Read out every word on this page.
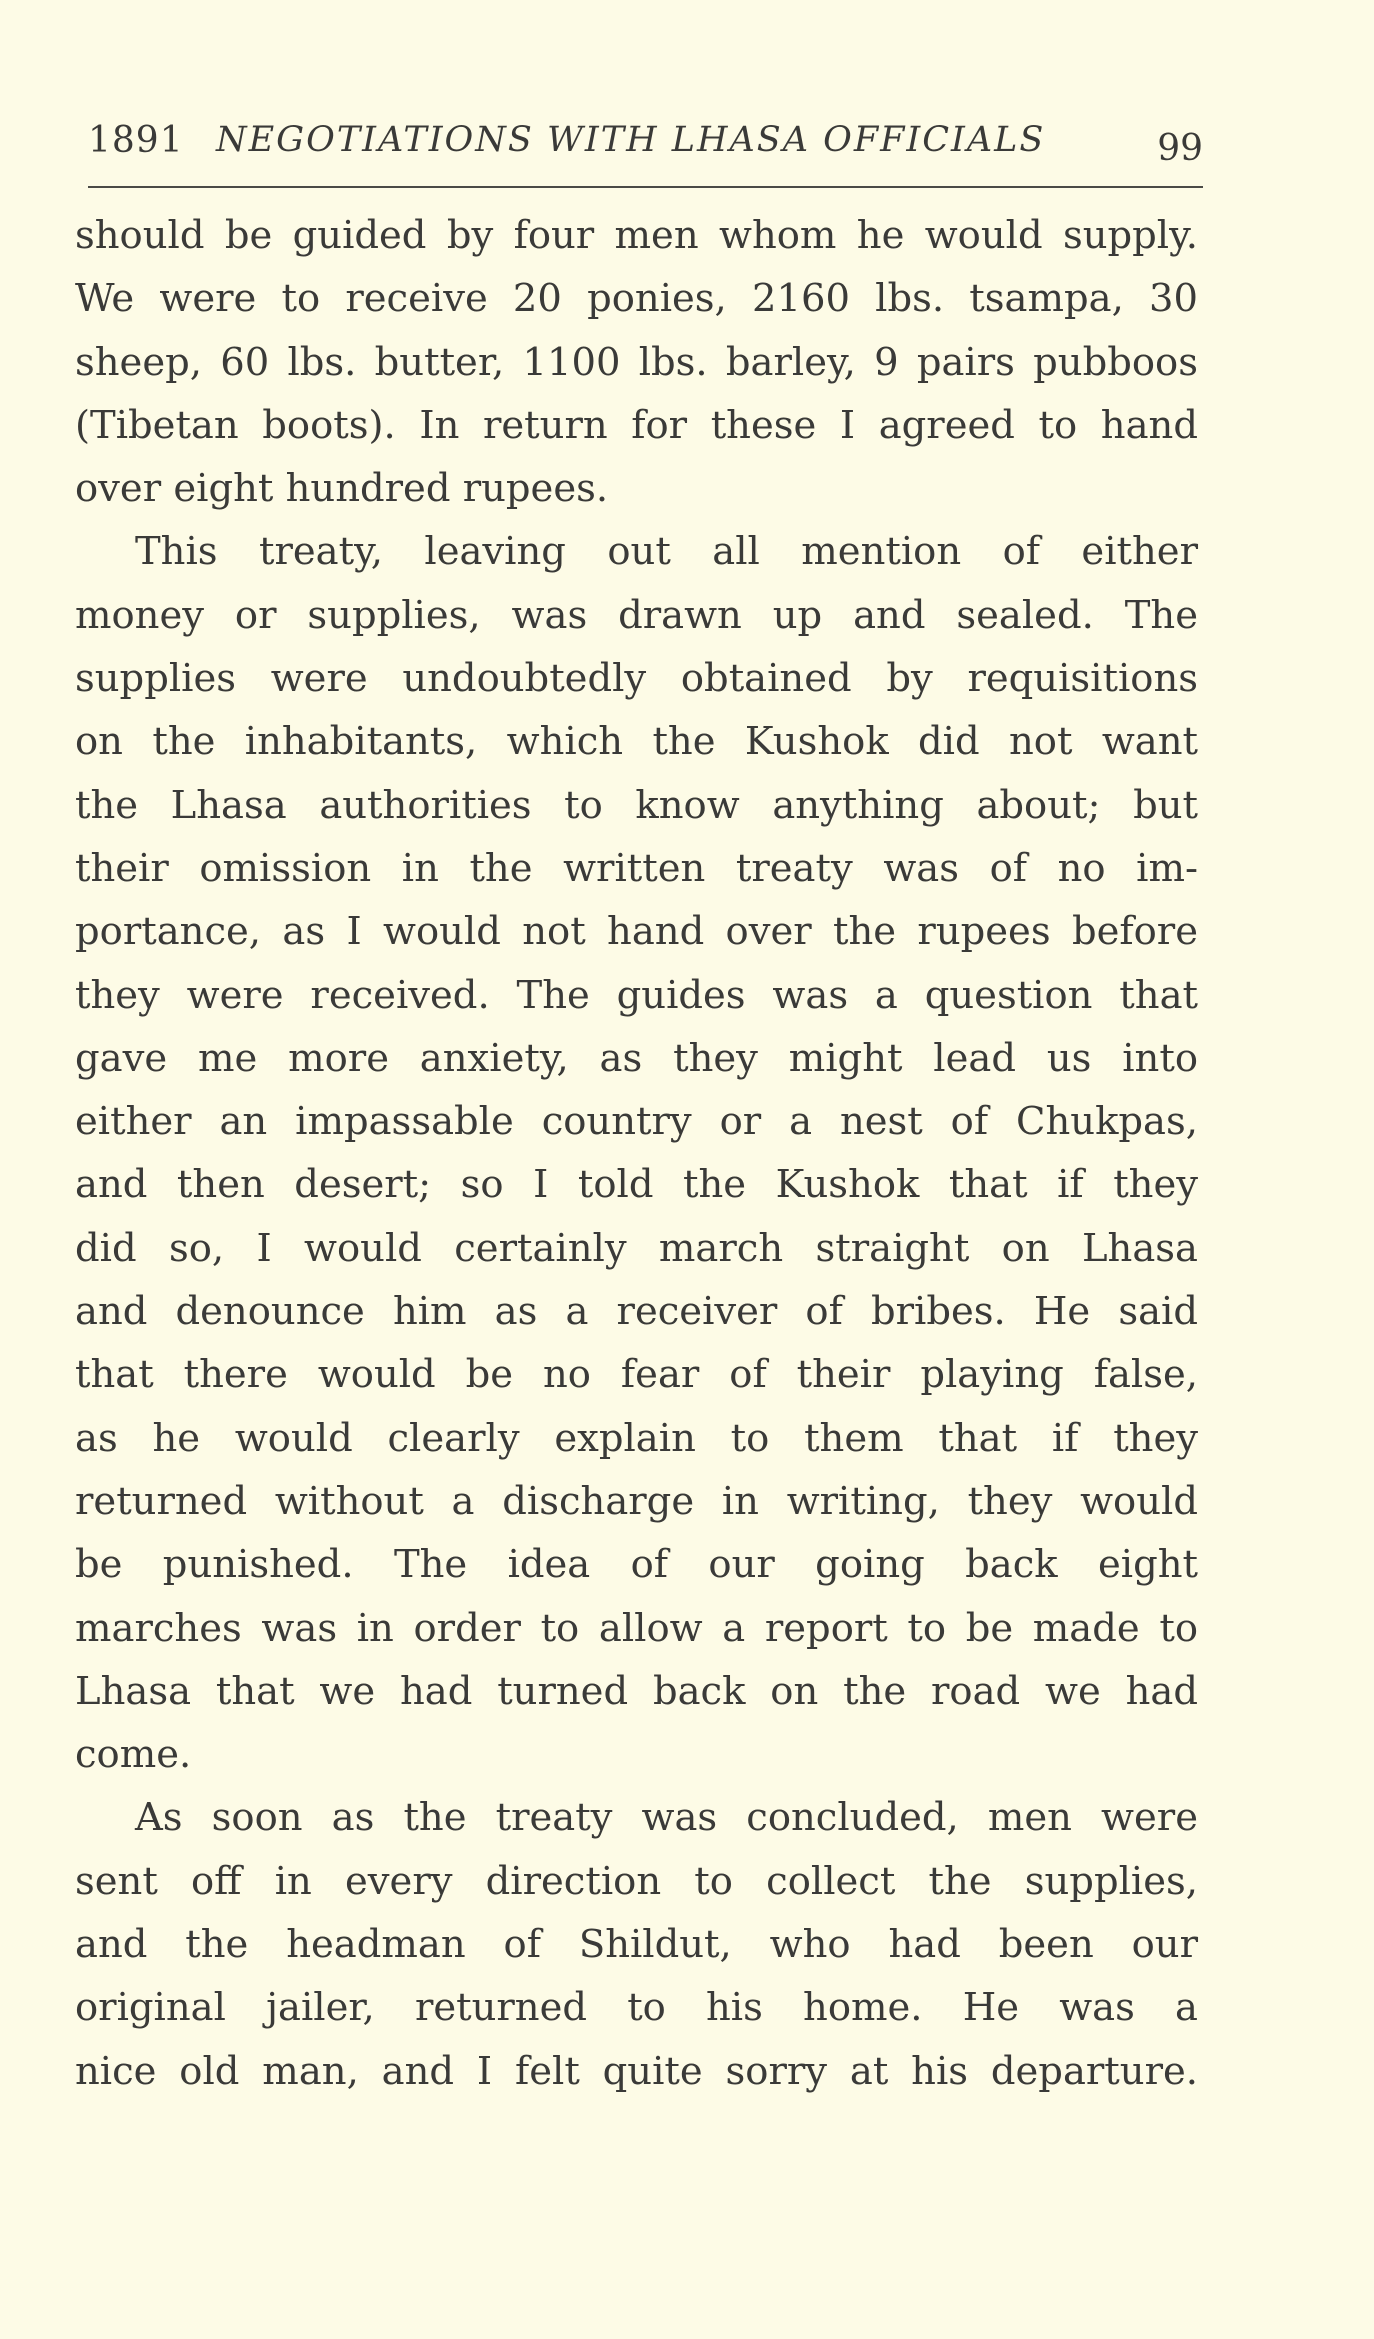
1891 NEGOTIATIONS WITH LHASA OFFICIALS	99
should be guided by four men whom he would supply.
We were to receive 20 ponies, 2160 lbs. tsampa, 30
sheep, 60 lbs. butter, 1100 lbs. barley, 9 pairs pubboos
(Tibetan boots). In return for these I agreed to hand
over eight hundred rupees.
This treaty, leaving out all mention of either
money or supplies, was drawn up and sealed. The
supplies were undoubtedly obtained by requisitions
on the inhabitants, which the Kushok did not want
the Lhasa authorities to know anything about; but
their omission in the written treaty was of no im-
portance, as I would not hand over the rupees before
they were received. The guides was a question that
gave me more anxiety, as they might lead us into
either an impassable country or a nest of Chukpas,
and then desert; so I told the Kushok that if they
did so, I would certainly march straight on Lhasa
and denounce him as a receiver of bribes. He said
that there would be no fear of their playing false,
as he would clearly explain to them that if they
returned without a discharge in writing, they would
be punished. The idea of our going back eight
marches was in order to allow a report to be made to
Lhasa that we had turned back on the road we had
come.
As soon as the treaty was concluded, men were
sent off in every direction to collect the supplies,
and the headman of Shildut, who had been our
original jailer, returned to his home. He was a
nice old man, and I felt quite sorry at his departure.
